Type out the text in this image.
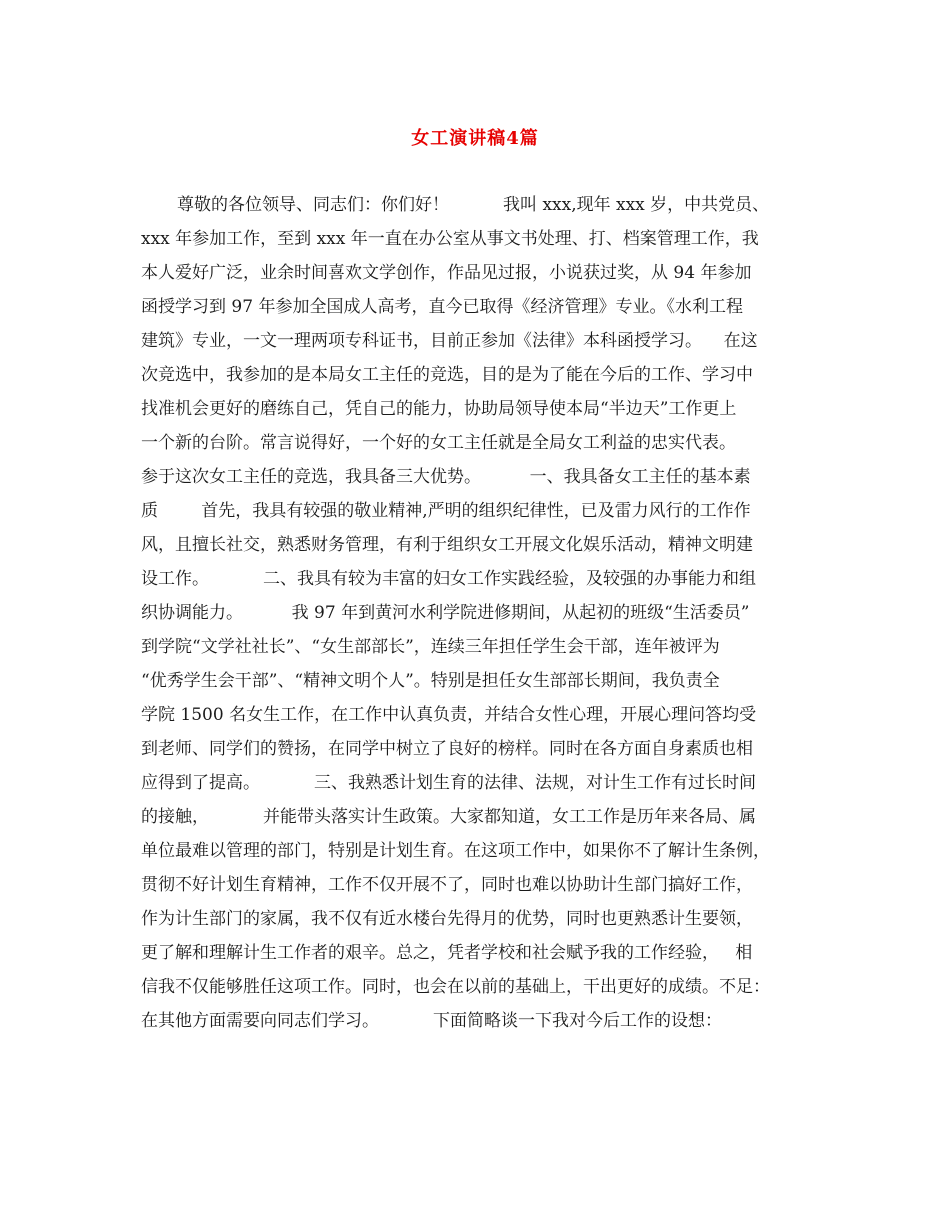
女工演讲稿4篇
尊敬的各位领导、同志们：你们好！          我叫 xxx,现年 xxx 岁，中共党员、
xxx 年参加工作，至到 xxx 年一直在办公室从事文书处理、打、档案管理工作，我
本人爱好广泛，业余时间喜欢文学创作，作品见过报，小说获过奖，从 94 年参加
函授学习到 97 年参加全国成人高考，直今已取得《经济管理》专业。《水利工程
建筑》专业，一文一理两项专科证书，目前正参加《法律》本科函授学习。    在这
次竞选中，我参加的是本局女工主任的竞选，目的是为了能在今后的工作、学习中
找准机会更好的磨练自己，凭自己的能力，协助局领导使本局“半边天”工作更上
一个新的台阶。常言说得好，一个好的女工主任就是全局女工利益的忠实代表。
参于这次女工主任的竞选，我具备三大优势。         一、我具备女工主任的基本素
质        首先，我具有较强的敬业精神,严明的组织纪律性，已及雷力风行的工作作
风，且擅长社交，熟悉财务管理，有利于组织女工开展文化娱乐活动，精神文明建
设工作。          二、我具有较为丰富的妇女工作实践经验，及较强的办事能力和组
织协调能力。         我 97 年到黄河水利学院进修期间，从起初的班级“生活委员”
到学院“文学社社长”、“女生部部长”，连续三年担任学生会干部，连年被评为
“优秀学生会干部”、“精神文明个人”。特别是担任女生部部长期间，我负责全
学院 1500 名女生工作，在工作中认真负责，并结合女性心理，开展心理问答均受
到老师、同学们的赞扬，在同学中树立了良好的榜样。同时在各方面自身素质也相
应得到了提高。          三、我熟悉计划生育的法律、法规，对计生工作有过长时间
的接触，          并能带头落实计生政策。大家都知道，女工工作是历年来各局、属
单位最难以管理的部门，特别是计划生育。在这项工作中，如果你不了解计生条例，
贯彻不好计划生育精神，工作不仅开展不了，同时也难以协助计生部门搞好工作，
作为计生部门的家属，我不仅有近水楼台先得月的优势，同时也更熟悉计生要领，
更了解和理解计生工作者的艰辛。总之，凭者学校和社会赋予我的工作经验，   相
信我不仅能够胜任这项工作。同时，也会在以前的基础上，干出更好的成绩。不足：
在其他方面需要向同志们学习。          下面简略谈一下我对今后工作的设想：
